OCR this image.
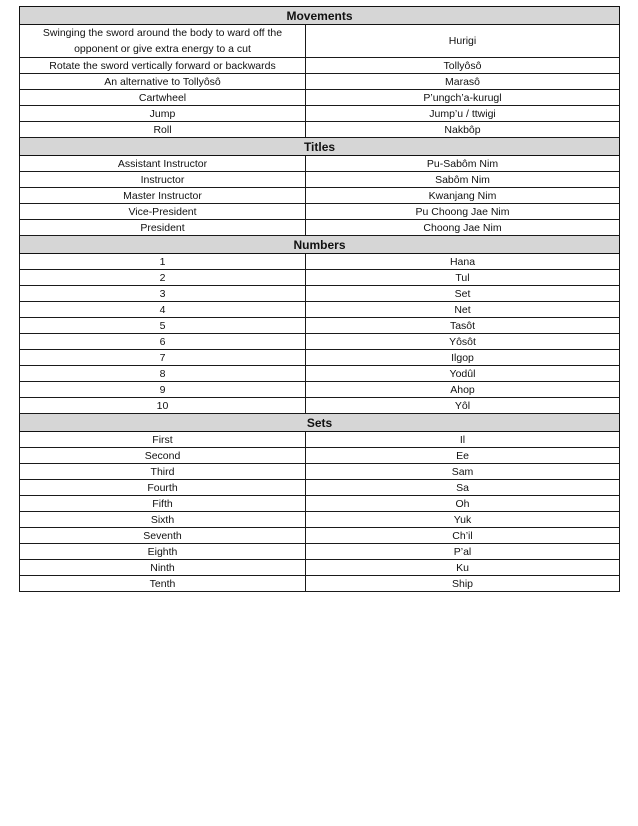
Movements	
Swinging the sword around the body to ward off the opponent or give extra energy to a cut	Hurigi
Rotate the sword vertically forward or backwards	Tollyôsô
An alternative to Tollyôsô	Marasô
Cartwheel	P’ungch’a-kurugl
Jump	Jump’u / ttwigi
Roll	Nakbôp
Titles	
Assistant Instructor	Pu-Sabôm Nim
Instructor	Sabôm Nim
Master Instructor	Kwanjang Nim
Vice-President	Pu Choong Jae Nim
President	Choong Jae Nim
Numbers	
1	Hana
2	Tul
3	Set
4	Net
5	Tasôt
6	Yôsôt
7	Ilgop
8	Yodûl
9	Ahop
10	Yôl
Sets	
First	Il
Second	Ee
Third	Sam
Fourth	Sa
Fifth	Oh
Sixth	Yuk
Seventh	Ch’il
Eighth	P’al
Ninth	Ku
Tenth	Ship
